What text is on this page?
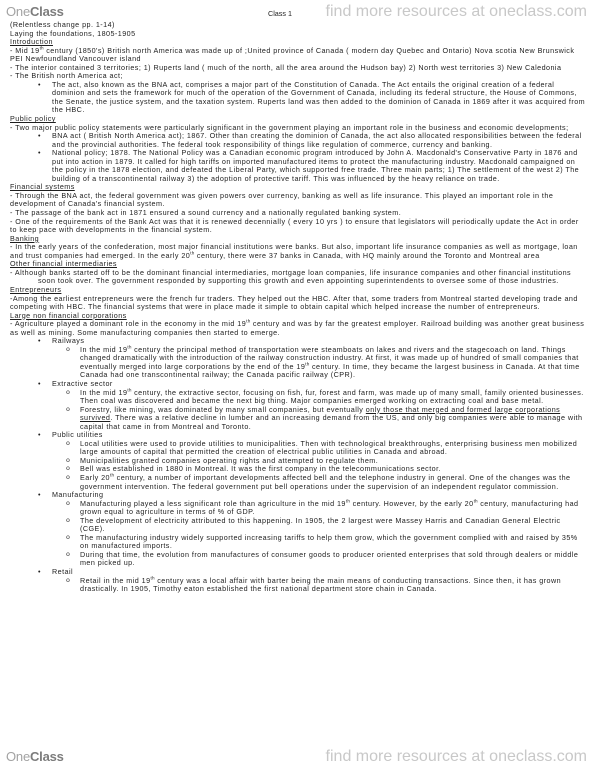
OneClass	Class 1 find more resources at oneclass.com

(Relentless change pp. 1-14)

Laying the foundations, 1805-1905

Introduction

- Mid 19th century (1850's) British north America was made up of ;United province of Canada ( modern day Quebec and Ontario) Nova scotia New Brunswick PEI Newfoundland Vancouver island

- The interior contained 3 territories; 1) Ruperts land ( much of the north, all the area around the Hudson bay) 2) North west territories 3) New Caledonia

- The British north America act;

•	The act, also known as the BNA act, comprises a major part of the Constitution of Canada. The Act entails the original creation of a federal dominion and sets the framework for much of the operation of the Government of Canada, including its federal structure, the House of Commons, the Senate, the justice system, and the taxation system. Ruperts land was then added to the dominion of Canada in 1869 after it was acquired from the HBC.

Public policy

- Two major public policy statements were particularly significant in the government playing an important role in the business and economic developments;

•	BNA act ( British North America act); 1867. Other than creating the dominion of Canada, the act also allocated responsibilities between the federal and the provincial authorities. The federal took responsibility of things like regulation of commerce, currency and banking.
•	National policy; 1878. The National Policy was a Canadian economic program introduced by John A. Macdonald's Conservative Party in 1876 and put into action in 1879. It called for high tariffs on imported manufactured items to protect the manufacturing industry. Macdonald campaigned on the policy in the 1878 election, and defeated the Liberal Party, which supported free trade. Three main parts; 1) The settlement of the west 2) The building of a transcontinental railway 3) the adoption of protective tariff. This was influenced by the heavy reliance on trade.

Financial systems

- Through the BNA act, the federal government was given powers over currency, banking as well as life insurance. This played an important role in the development of Canada's financial system.

- The passage of the bank act in 1871 ensured a sound currency and a nationally regulated banking system.

- One of the requirements of the Bank Act was that it is renewed decennially ( every 10 yrs ) to ensure that legislators will periodically update the Act in order to keep pace with developments in the financial system.

Banking

- In the early years of the confederation, most major financial institutions were banks. But also, important life insurance companies as well as mortgage, loan and trust companies had emerged. In the early 20th century, there were 37 banks in Canada, with HQ mainly around the Toronto and Montreal area

Other financial intermediaries

- Although banks started off to be the dominant financial intermediaries, mortgage loan companies, life insurance companies and other financial institutions soon took over. The government responded by supporting this growth and even appointing superintendents to oversee some of those industries.

Entrepreneurs

-Among the earliest entrepreneurs were the french fur traders. They helped out the HBC. After that, some traders from Montreal started developing trade and competing with HBC. The financial systems that were in place made it simple to obtain capital which helped increase the number of entrepreneurs.

Large non financial corporations

- Agriculture played a dominant role in the economy in the mid 19th century and was by far the greatest employer. Railroad building was another great business as well as mining. Some manufacturing companies then started to emerge.

•	Railways
o	In the mid 19th century the principal method of transportation were steamboats on lakes and rivers and the stagecoach on land. Things changed dramatically with the introduction of the railway construction industry. At first, it was made up of hundred of small companies that eventually merged into large corporations by the end of the 19th century. In time, they became the largest business in Canada. At that time Canada had one transcontinental railway; the Canada pacific railway (CPR).
•	Extractive sector
o	In the mid 19th century, the extractive sector, focusing on fish, fur, forest and farm, was made up of many small, family oriented businesses. Then coal was discovered and became the next big thing. Major companies emerged working on extracting coal and base metal.
o	Forestry, like mining, was dominated by many small companies, but eventually only those that merged and formed large corporations survived. There was a relative decline in lumber and an increasing demand from the US, and only big companies were able to manage with capital that came in from Montreal and Toronto.
•	Public utilities
o	Local utilities were used to provide utilities to municipalities. Then with technological breakthroughs, enterprising business men mobilized large amounts of capital that permitted the creation of electrical public utilities in Canada and abroad.
o	Municipalities granted companies operating rights and attempted to regulate them.
o	Bell was established in 1880 in Montreal. It was the first company in the telecommunications sector.
o	Early 20th century, a number of important developments affected bell and the telephone industry in general. One of the changes was the government intervention. The federal government put bell operations under the supervision of an independent regulator commission.
•	Manufacturing
o	Manufacturing played a less significant role than agriculture in the mid 19th century. However, by the early 20th century, manufacturing had grown equal to agriculture in terms of % of GDP.
o	The development of electricity attributed to this happening. In 1905, the 2 largest were Massey Harris and Canadian General Electric (CGE).
o	The manufacturing industry widely supported increasing tariffs to help them grow, which the government complied with and raised by 35% on manufactured imports.
o	During that time, the evolution from manufactures of consumer goods to producer oriented enterprises that sold through dealers or middle men picked up.
•	Retail
o	Retail in the mid 19th century was a local affair with barter being the main means of conducting transactions. Since then, it has grown drastically. In 1905, Timothy eaton established the first national department store chain in Canada.
OneClass	find more resources at oneclass.com
